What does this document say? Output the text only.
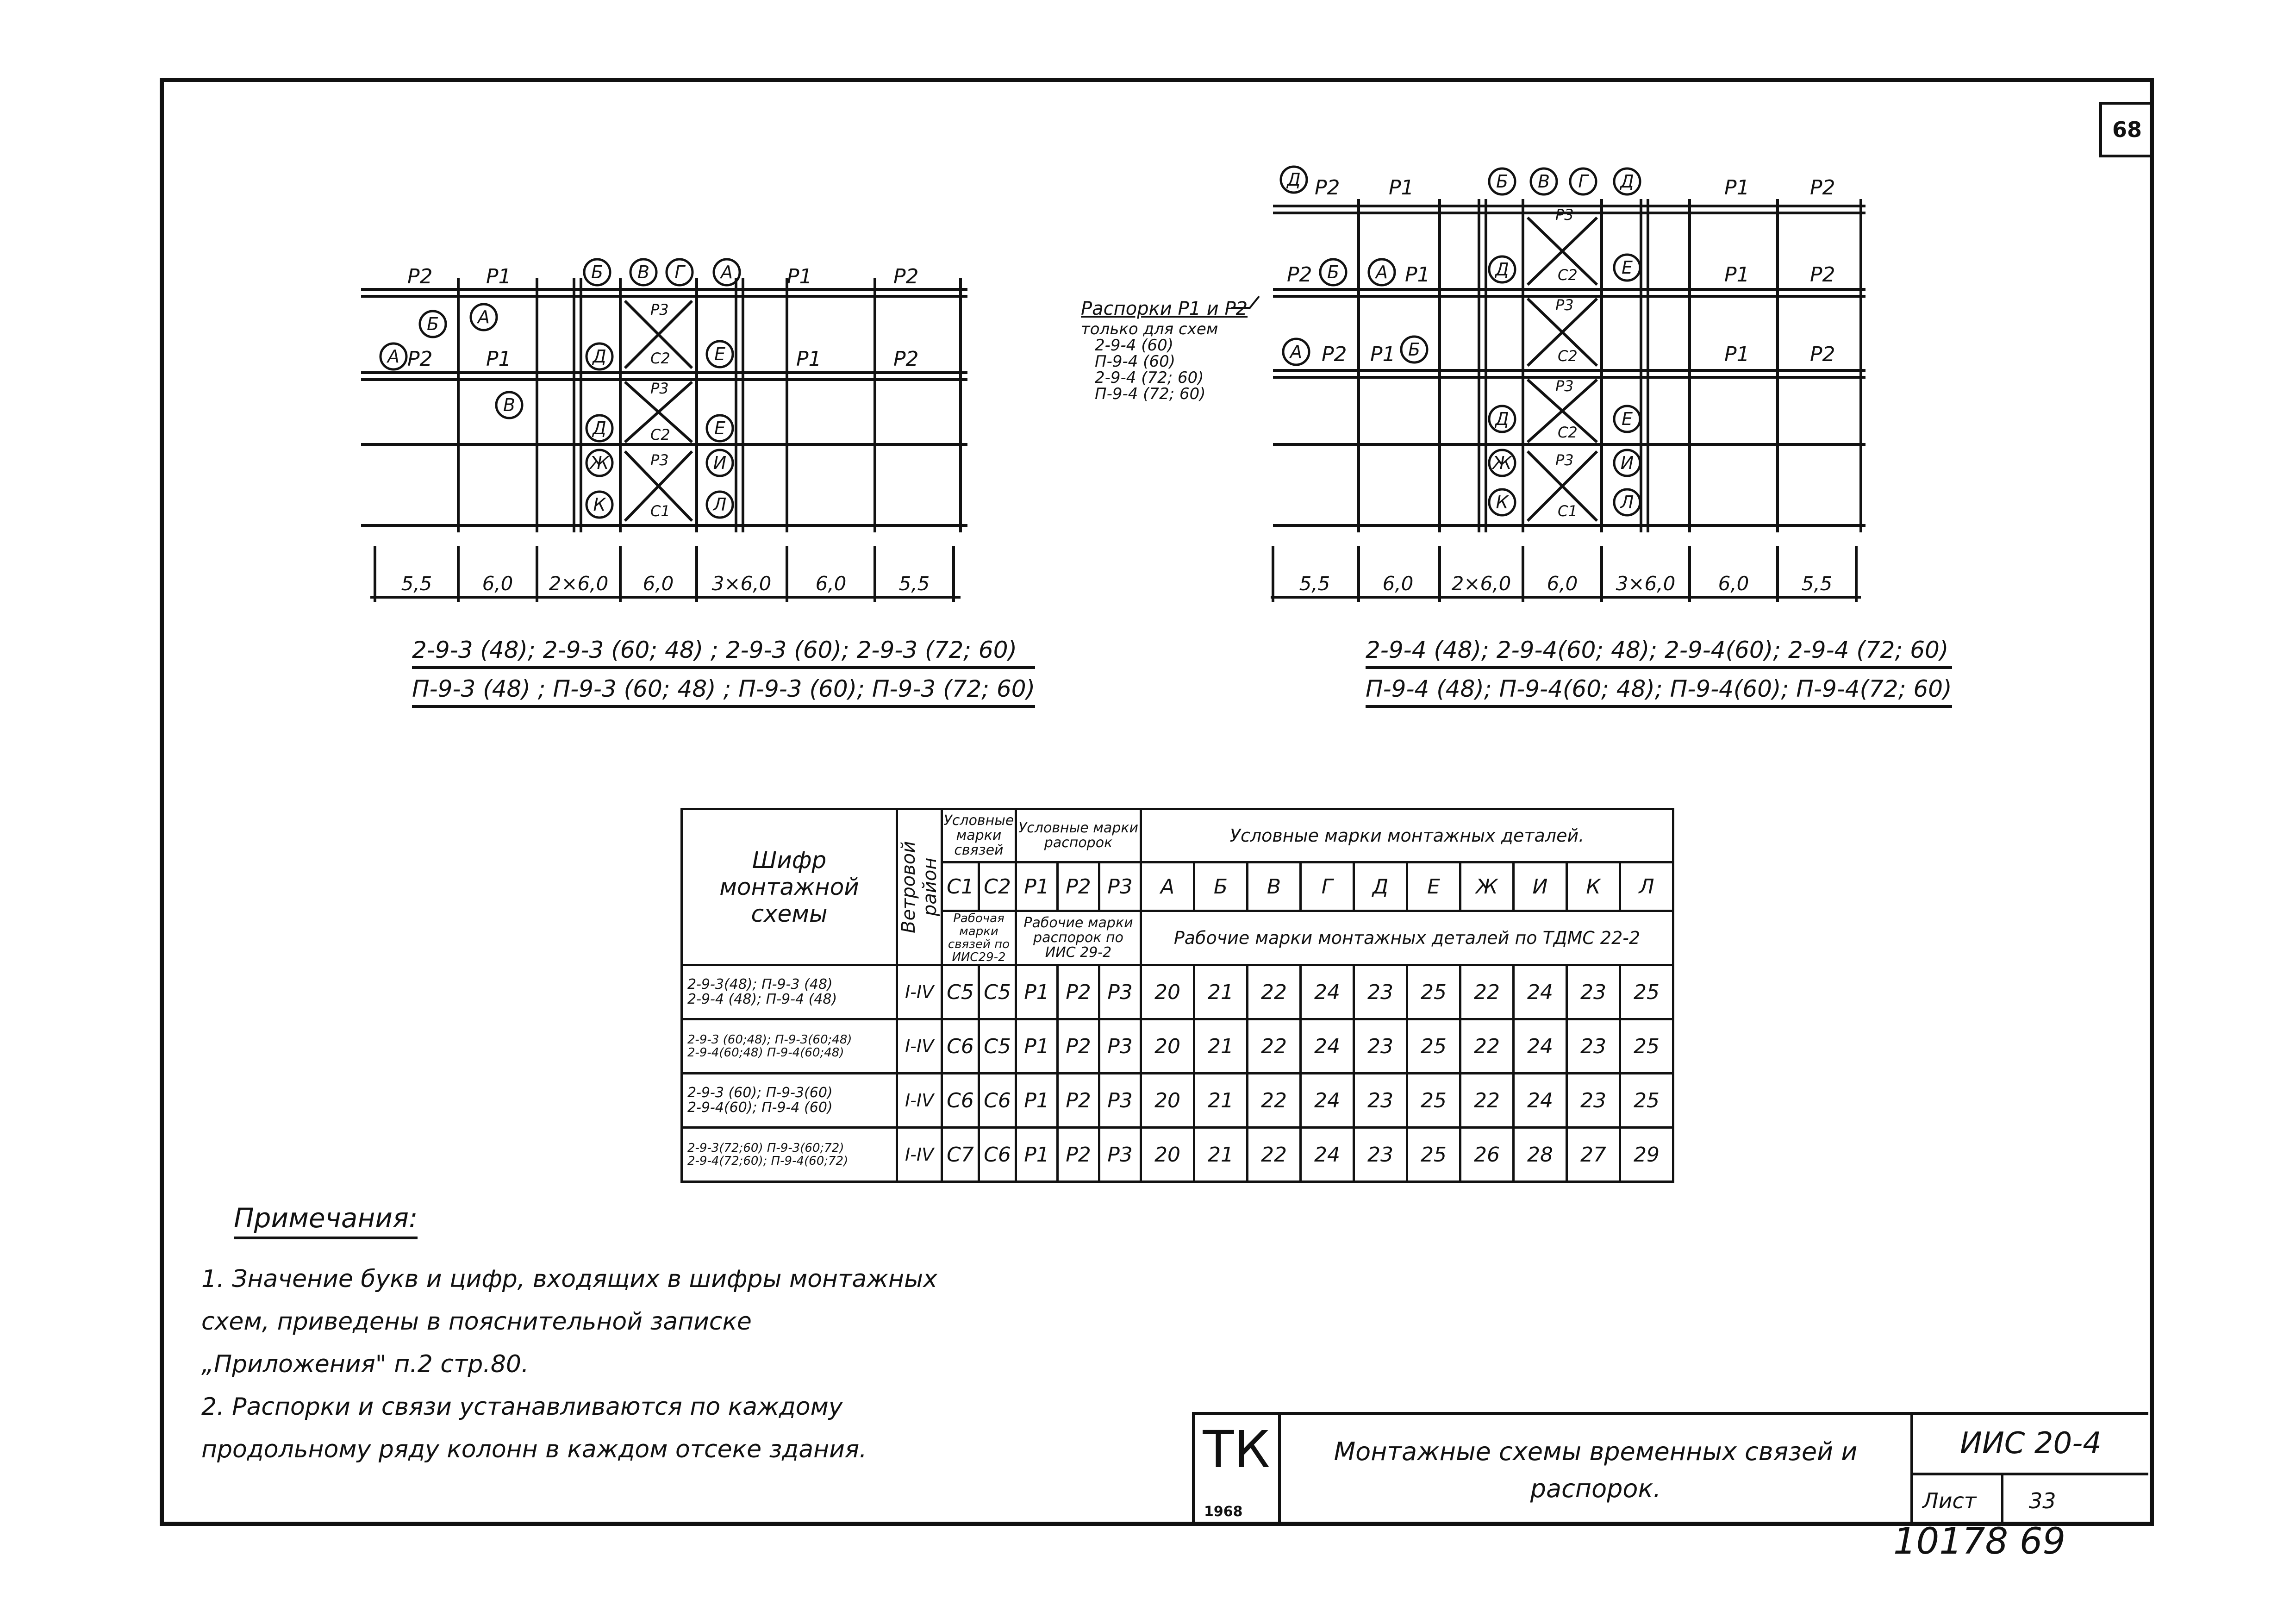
68
Р2	Р1	Р1	Р2
Р2	Р1	Р1	Р2
Р3
С2
Р3
С2
Р3
С1
Б В Г А
Б А
А	Д	Е
В
Д	Е
Ж	И
К	Л
5,5	6,0 2×6,0 6,0 3×6,0 6,0	5,5
Р2 Р1	Р1	Р2
Р2	Р1	Р1	Р2
Р2 Р1	Р1	Р2
Р3
С2
Р3
С2
Р3
С2
Р3
С1
Д	Б В Г Д
Б А	Д	Е
А	Б
Д	Е
Ж	И
К	Л
5,5	6,0 2×6,0 6,0 3×6,0 6,0	5,5
Распорки Р1 и Р2
только для схем
2-9-4 (60)
П-9-4 (60)
2-9-4 (72; 60)
П-9-4 (72; 60)
2-9-3 (48); 2-9-3 (60; 48) ; 2-9-3 (60); 2-9-3 (72; 60)
П-9-3 (48) ; П-9-3 (60; 48) ; П-9-3 (60); П-9-3 (72; 60)
2-9-4 (48); 2-9-4(60; 48); 2-9-4(60); 2-9-4 (72; 60)
П-9-4 (48); П-9-4(60; 48); П-9-4(60); П-9-4(72; 60)
Шифр монтажной схемы	Ветровой район	Условные марки связей		Условные марки распорок			Условные марки монтажных деталей.									
		С1	С2	Р1	Р2	Р3	А	Б	В	Г	Д	Е	Ж	И	К	Л
		Рабочая марки связей по ИИС29-2		Рабочие марки распорок по ИИС 29-2			Рабочие марки монтажных деталей по ТДМС 22-2									

2-9-3(48); П-9-3 (48)
2-9-4 (48); П-9-4 (48)	I-IV	С5	С5	Р1	Р2	Р3	20	21	22	24	23	25	22	24	23	25

2-9-3 (60;48); П-9-3(60;48)
2-9-4(60;48) П-9-4(60;48)	I-IV	С6	С5	Р1	Р2	Р3	20	21	22	24	23	25	22	24	23	25

2-9-3 (60); П-9-3(60)
2-9-4(60); П-9-4 (60)	I-IV	С6	С6	Р1	Р2	Р3	20	21	22	24	23	25	22	24	23	25

2-9-3(72;60) П-9-3(60;72)
2-9-4(72;60); П-9-4(60;72)	I-IV	С7	С6	Р1	Р2	Р3	20	21	22	24	23	25	26	28	27	29
Примечания:
1. Значение букв и цифр, входящих в шифры монтажных схем, приведены в пояснительной записке „Приложения" п.2 стр.80.
2. Распорки и связи устанавливаются по каждому продольному ряду колонн в каждом отсеке здания.	ТК
1968
Монтажные схемы временных связей и распорок.
ИИС 20-4
Лист 33
10178 69
